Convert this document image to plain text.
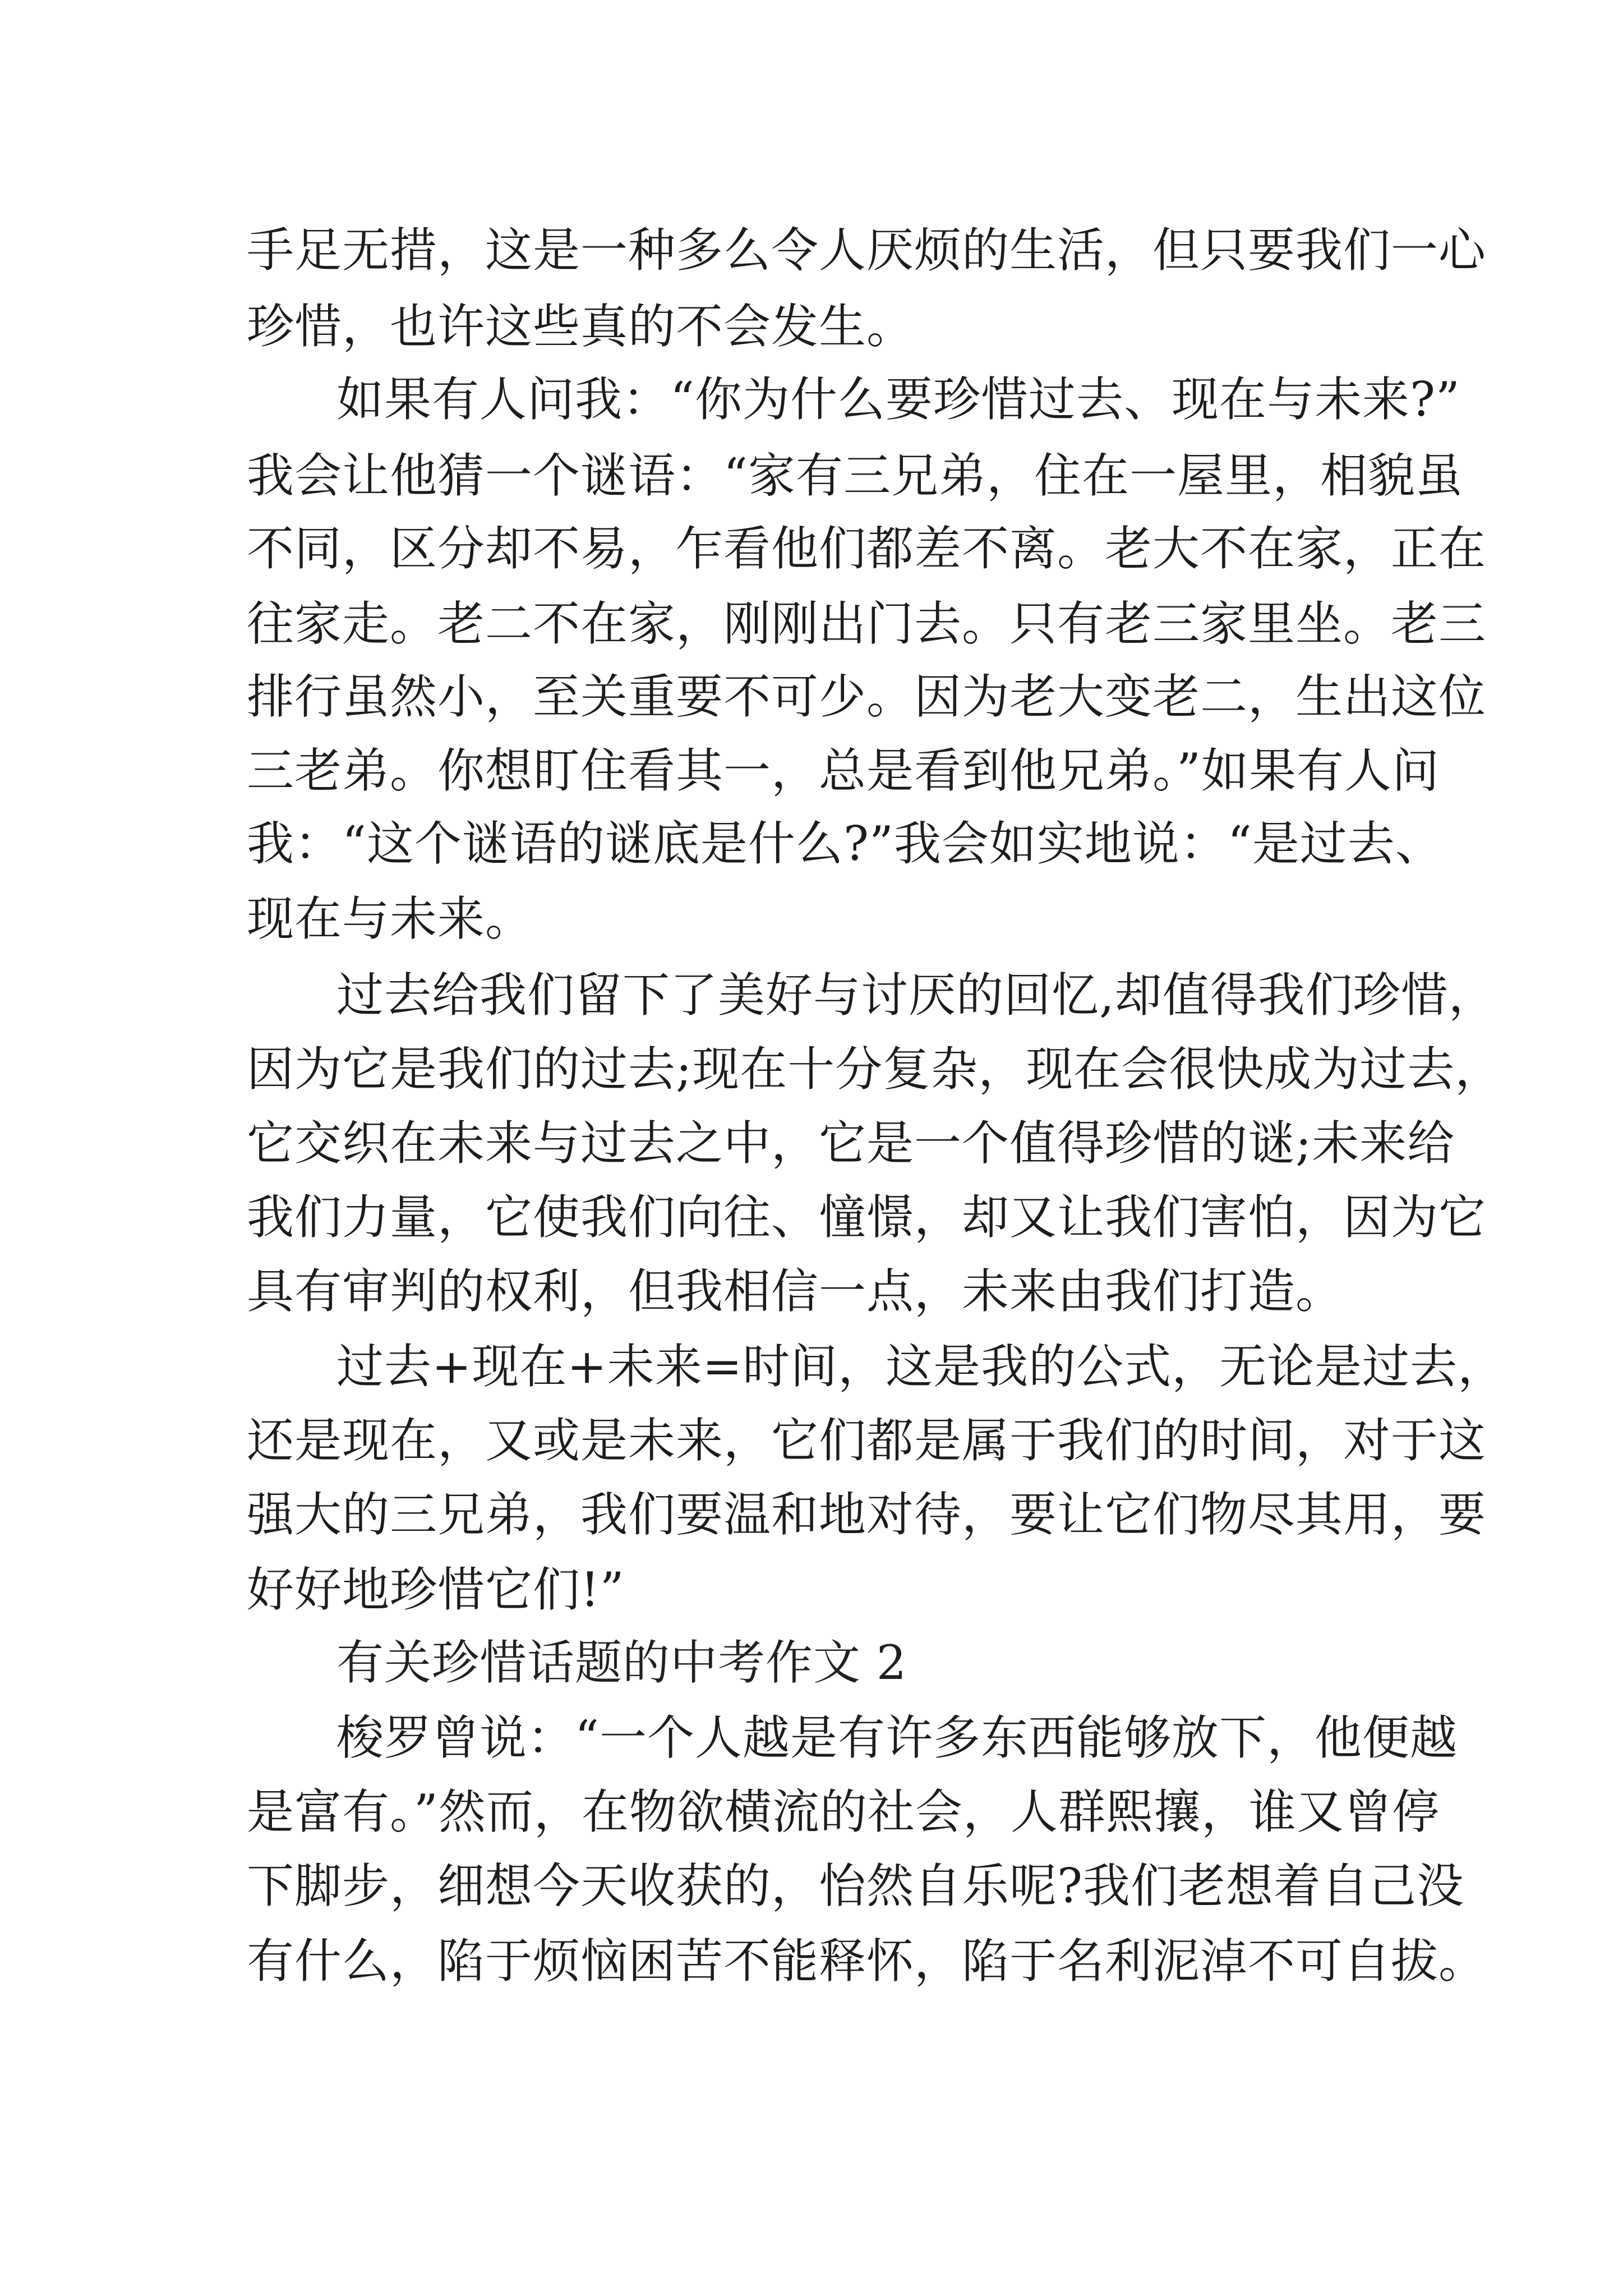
手足无措，这是一种多么令人厌烦的生活，但只要我们一心
珍惜，也许这些真的不会发生。
如果有人问我：“你为什么要珍惜过去、现在与未来?”
我会让他猜一个谜语：“家有三兄弟，住在一屋里，相貌虽
不同，区分却不易，乍看他们都差不离。老大不在家，正在
往家走。老二不在家，刚刚出门去。只有老三家里坐。老三
排行虽然小，至关重要不可少。因为老大变老二，生出这位
三老弟。你想盯住看其一，总是看到他兄弟。”如果有人问
我：“这个谜语的谜底是什么?”我会如实地说：“是过去、
现在与未来。
过去给我们留下了美好与讨厌的回忆,却值得我们珍惜，
因为它是我们的过去;现在十分复杂，现在会很快成为过去，
它交织在未来与过去之中，它是一个值得珍惜的谜;未来给
我们力量，它使我们向往、憧憬，却又让我们害怕，因为它
具有审判的权利，但我相信一点，未来由我们打造。
过去+现在+未来=时间，这是我的公式，无论是过去，
还是现在，又或是未来，它们都是属于我们的时间，对于这
强大的三兄弟，我们要温和地对待，要让它们物尽其用，要
好好地珍惜它们!”
有关珍惜话题的中考作文 2
梭罗曾说：“一个人越是有许多东西能够放下，他便越
是富有。”然而，在物欲横流的社会，人群熙攘，谁又曾停
下脚步，细想今天收获的，怡然自乐呢?我们老想着自己没
有什么，陷于烦恼困苦不能释怀，陷于名利泥淖不可自拔。
